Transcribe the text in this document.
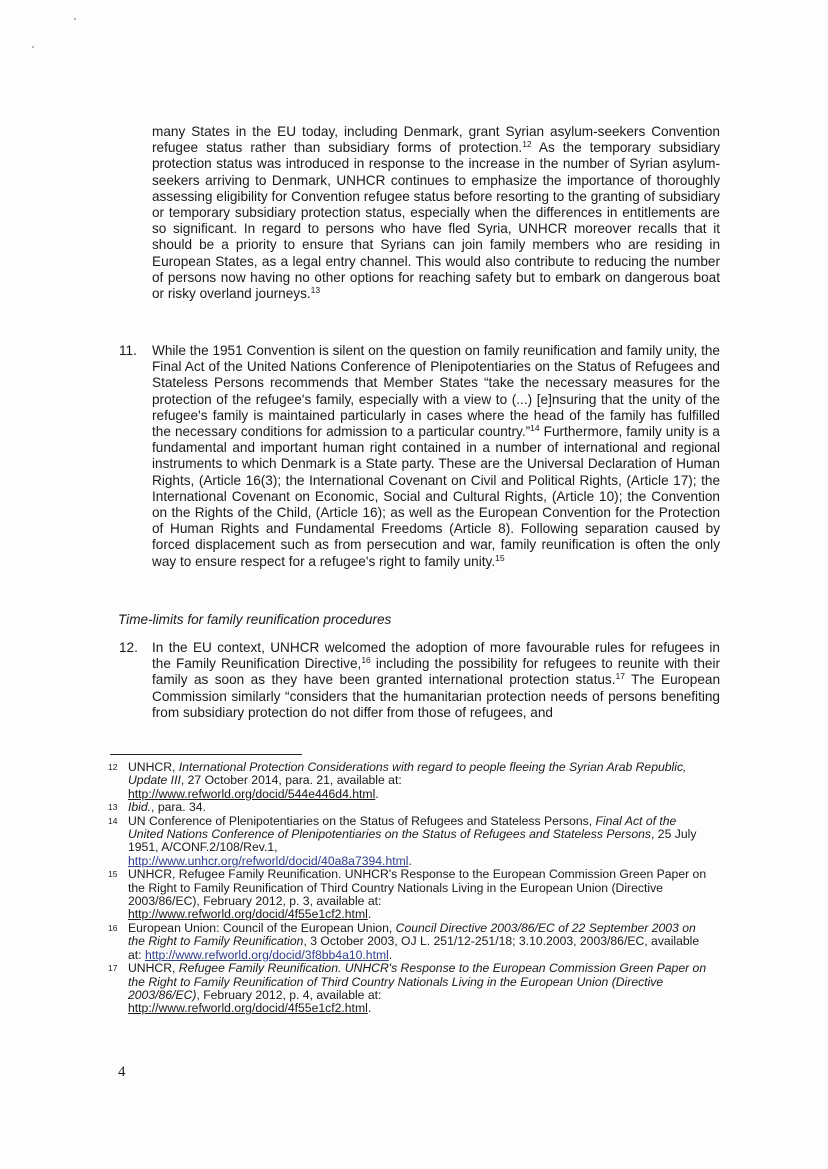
many States in the EU today, including Denmark, grant Syrian asylum-seekers Convention refugee status rather than subsidiary forms of protection.$^{12}$ As the temporary subsidiary protection status was introduced in response to the increase in the number of Syrian asylum-seekers arriving to Denmark, UNHCR continues to emphasize the importance of thoroughly assessing eligibility for Convention refugee status before resorting to the granting of subsidiary or temporary subsidiary protection status, especially when the differences in entitlements are so significant. In regard to persons who have fled Syria, UNHCR moreover recalls that it should be a priority to ensure that Syrians can join family members who are residing in European States, as a legal entry channel. This would also contribute to reducing the number of persons now having no other options for reaching safety but to embark on dangerous boat or risky overland journeys.$^{13}$

11. While the 1951 Convention is silent on the question on family reunification and family unity, the Final Act of the United Nations Conference of Plenipotentiaries on the Status of Refugees and Stateless Persons recommends that Member States “take the necessary measures for the protection of the refugee's family, especially with a view to (...) [e]nsuring that the unity of the refugee's family is maintained particularly in cases where the head of the family has fulfilled the necessary conditions for admission to a particular country.”$^{14}$ Furthermore, family unity is a fundamental and important human right contained in a number of international and regional instruments to which Denmark is a State party. These are the Universal Declaration of Human Rights, (Article 16(3); the International Covenant on Civil and Political Rights, (Article 17); the International Covenant on Economic, Social and Cultural Rights, (Article 10); the Convention on the Rights of the Child, (Article 16); as well as the European Convention for the Protection of Human Rights and Fundamental Freedoms (Article 8). Following separation caused by forced displacement such as from persecution and war, family reunification is often the only way to ensure respect for a refugee's right to family unity.$^{15}$

Time-limits for family reunification procedures

12. In the EU context, UNHCR welcomed the adoption of more favourable rules for refugees in the Family Reunification Directive,$^{16}$ including the possibility for refugees to reunite with their family as soon as they have been granted international protection status.$^{17}$ The European Commission similarly “considers that the humanitarian protection needs of persons benefiting from subsidiary protection do not differ from those of refugees, and

12 UNHCR, International Protection Considerations with regard to people fleeing the Syrian Arab Republic, Update III, 27 October 2014, para. 21, available at:
http://www.refworld.org/docid/544e446d4.html.

13 Ibid., para. 34.

14 UN Conference of Plenipotentiaries on the Status of Refugees and Stateless Persons, Final Act of the United Nations Conference of Plenipotentiaries on the Status of Refugees and Stateless Persons, 25 July 1951, A/CONF.2/108/Rev.1,
http://www.unhcr.org/refworld/docid/40a8a7394.html.

15 UNHCR, Refugee Family Reunification. UNHCR's Response to the European Commission Green Paper on the Right to Family Reunification of Third Country Nationals Living in the European Union (Directive 2003/86/EC), February 2012, p. 3, available at:
http://www.refworld.org/docid/4f55e1cf2.html.

16 European Union: Council of the European Union, Council Directive 2003/86/EC of 22 September 2003 on the Right to Family Reunification, 3 October 2003, OJ L. 251/12-251/18; 3.10.2003, 2003/86/EC, available at: http://www.refworld.org/docid/3f8bb4a10.html.

17 UNHCR, Refugee Family Reunification. UNHCR's Response to the European Commission Green Paper on the Right to Family Reunification of Third Country Nationals Living in the European Union (Directive 2003/86/EC), February 2012, p. 4, available at:
http://www.refworld.org/docid/4f55e1cf2.html.

4
